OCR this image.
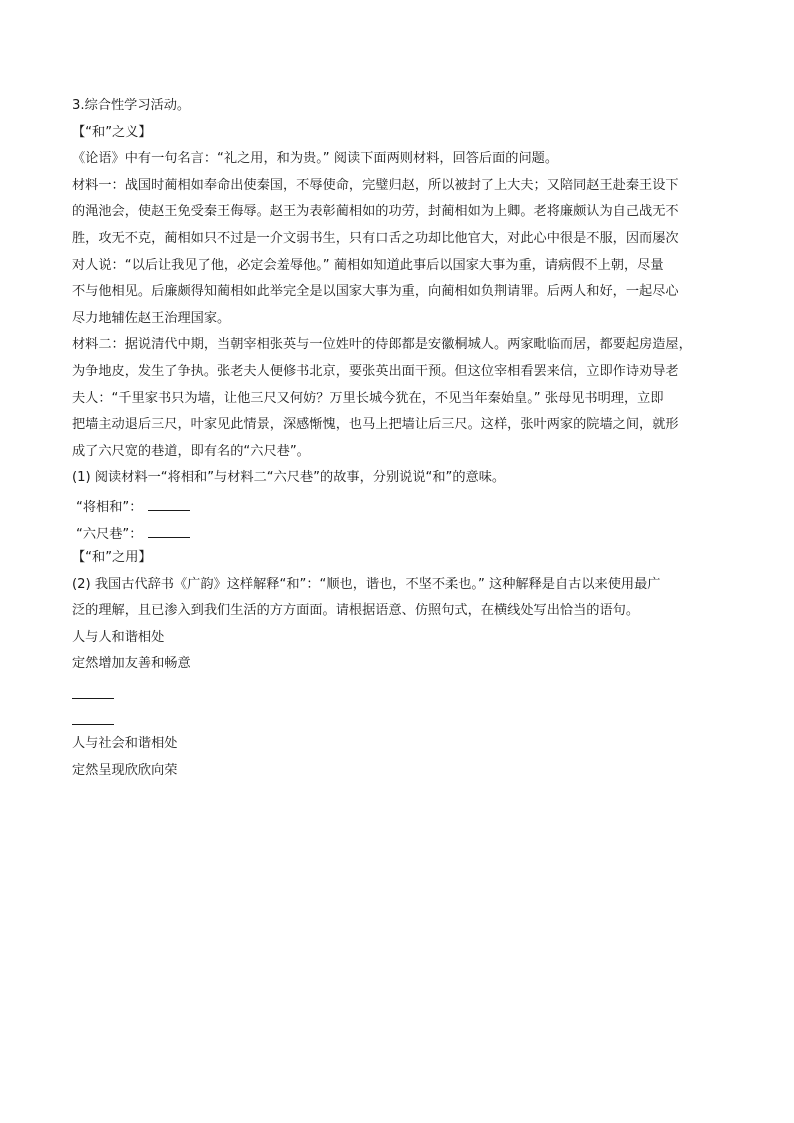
3.综合性学习活动。
【“和”之义】
《论语》中有一句名言：“礼之用，和为贵。” 阅读下面两则材料，回答后面的问题。
材料一：战国时蔺相如奉命出使秦国，不辱使命，完璧归赵，所以被封了上大夫；又陪同赵王赴秦王设下
的渑池会，使赵王免受秦王侮辱。赵王为表彰蔺相如的功劳，封蔺相如为上卿。老将廉颇认为自己战无不
胜，攻无不克，蔺相如只不过是一介文弱书生，只有口舌之功却比他官大，对此心中很是不服，因而屡次
对人说：“以后让我见了他，必定会羞辱他。” 蔺相如知道此事后以国家大事为重，请病假不上朝，尽量
不与他相见。后廉颇得知蔺相如此举完全是以国家大事为重，向蔺相如负荆请罪。后两人和好，一起尽心
尽力地辅佐赵王治理国家。
材料二：据说清代中期，当朝宰相张英与一位姓叶的侍郎都是安徽桐城人。两家毗临而居，都要起房造屋，
为争地皮，发生了争执。张老夫人便修书北京，要张英出面干预。但这位宰相看罢来信，立即作诗劝导老
夫人：“千里家书只为墙，让他三尺又何妨？万里长城今犹在，不见当年秦始皇。” 张母见书明理，立即
把墙主动退后三尺，叶家见此情景，深感惭愧，也马上把墙让后三尺。这样，张叶两家的院墙之间，就形
成了六尺宽的巷道，即有名的“六尺巷”。
(1) 阅读材料一“将相和”与材料二“六尺巷”的故事，分别说说“和”的意味。
“将相和”：
“六尺巷”：
【“和”之用】
(2) 我国古代辞书《广韵》这样解释“和”：“顺也，谐也，不坚不柔也。” 这种解释是自古以来使用最广
泛的理解，且已渗入到我们生活的方方面面。请根据语意、仿照句式，在横线处写出恰当的语句。
人与人和谐相处
定然增加友善和畅意
人与社会和谐相处
定然呈现欣欣向荣
